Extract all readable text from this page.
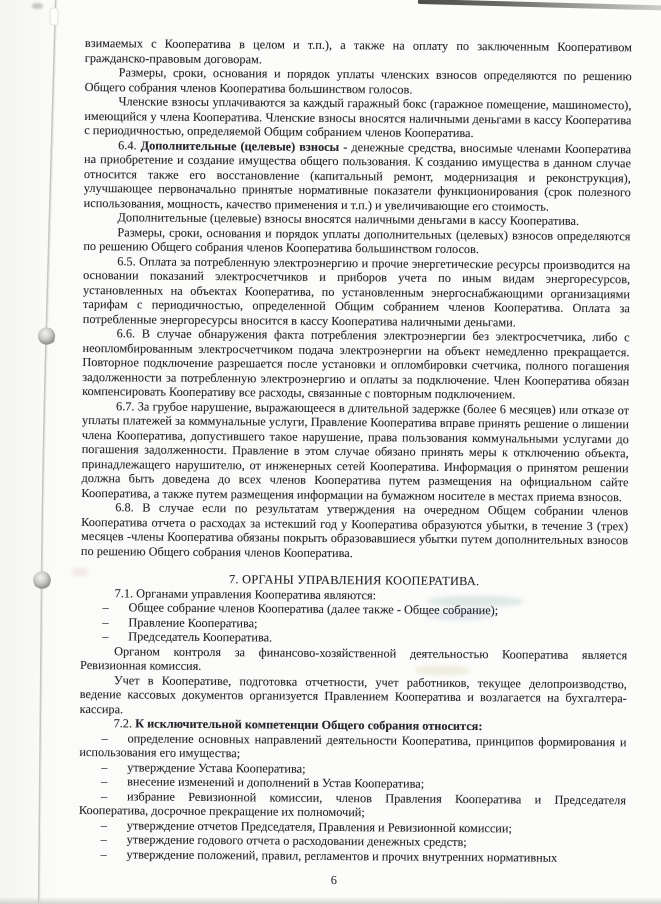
взимаемых с Кооператива в целом и т.п.), а также на оплату по заключенным Кооперативом гражданско-правовым договорам.
Размеры, сроки, основания и порядок уплаты членских взносов определяются по решению Общего собрания членов Кооператива большинством голосов.
Членские взносы уплачиваются за каждый гаражный бокс (гаражное помещение, машиноместо), имеющийся у члена Кооператива. Членские взносы вносятся наличными деньгами в кассу Кооператива с периодичностью, определяемой Общим собранием членов Кооператива.
6.4. Дополнительные (целевые) взносы - денежные средства, вносимые членами Кооператива на приобретение и создание имущества общего пользования. К созданию имущества в данном случае относится также его восстановление (капитальный ремонт, модернизация и реконструкция), улучшающее первоначально принятые нормативные показатели функционирования (срок полезного использования, мощность, качество применения и т.п.) и увеличивающие его стоимость.
Дополнительные (целевые) взносы вносятся наличными деньгами в кассу Кооператива.
Размеры, сроки, основания и порядок уплаты дополнительных (целевых) взносов определяются по решению Общего собрания членов Кооператива большинством голосов.
6.5. Оплата за потребленную электроэнергию и прочие энергетические ресурсы производится на основании показаний электросчетчиков и приборов учета по иным видам энергоресурсов, установленных на объектах Кооператива, по установленным энергоснабжающими организациями тарифам с периодичностью, определенной Общим собранием членов Кооператива. Оплата за потребленные энергоресурсы вносится в кассу Кооператива наличными деньгами.
6.6. В случае обнаружения факта потребления электроэнергии без электросчетчика, либо с неопломбированным электросчетчиком подача электроэнергии на объект немедленно прекращается. Повторное подключение разрешается после установки и опломбировки счетчика, полного погашения задолженности за потребленную электроэнергию и оплаты за подключение. Член Кооператива обязан компенсировать Кооперативу все расходы, связанные с повторным подключением.
6.7. За грубое нарушение, выражающееся в длительной задержке (более 6 месяцев) или отказе от уплаты платежей за коммунальные услуги, Правление Кооператива вправе принять решение о лишении члена Кооператива, допустившего такое нарушение, права пользования коммунальными услугами до погашения задолженности. Правление в этом случае обязано принять меры к отключению объекта, принадлежащего нарушителю, от инженерных сетей Кооператива. Информация о принятом решении должна быть доведена до всех членов Кооператива путем размещения на официальном сайте Кооператива, а также путем размещения информации на бумажном носителе в местах приема взносов.
6.8. В случае если по результатам утверждения на очередном Общем собрании членов Кооператива отчета о расходах за истекший год у Кооператива образуются убытки, в течение 3 (трех) месяцев -члены Кооператива обязаны покрыть образовавшиеся убытки путем дополнительных взносов по решению Общего собрания членов Кооператива.
7. ОРГАНЫ УПРАВЛЕНИЯ КООПЕРАТИВА.
7.1. Органами управления Кооператива являются:
– Общее собрание членов Кооператива (далее также - Общее собрание);
– Правление Кооператива;
– Председатель Кооператива.
Органом контроля за финансово-хозяйственной деятельностью Кооператива является Ревизионная комиссия.
Учет в Кооперативе, подготовка отчетности, учет работников, текущее делопроизводство, ведение кассовых документов организуется Правлением Кооператива и возлагается на бухгалтера-кассира.
7.2. К исключительной компетенции Общего собрания относится:
– определение основных направлений деятельности Кооператива, принципов формирования и использования его имущества;
– утверждение Устава Кооператива;
– внесение изменений и дополнений в Устав Кооператива;
– избрание Ревизионной комиссии, членов Правления Кооператива и Председателя Кооператива, досрочное прекращение их полномочий;
– утверждение отчетов Председателя, Правления и Ревизионной комиссии;
– утверждение годового отчета о расходовании денежных средств;
– утверждение положений, правил, регламентов и прочих внутренних нормативных
6
